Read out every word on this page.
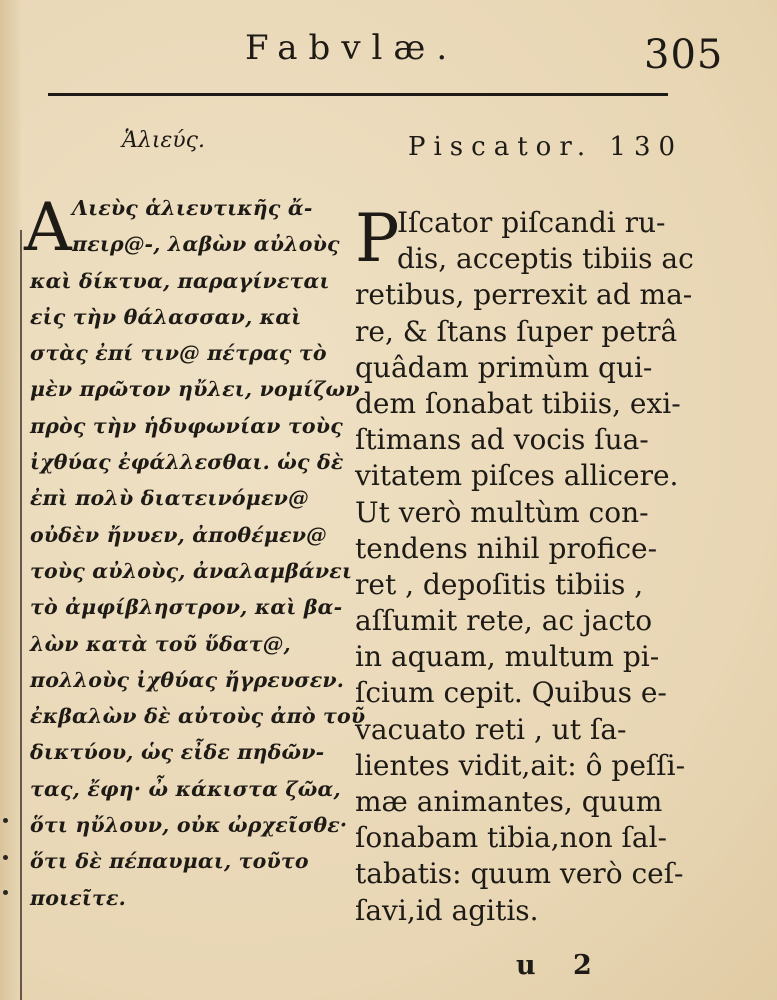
Fabvlæ.	305
Ἁλιεύς.
Α Λιεὺς ἁλιευτικῆς ἄ-
πειρ@-, λαβὼν αὐλοὺς
καὶ δίκτυα, παραγίνεται
εἰς τὴν θάλασσαν, καὶ
στὰς ἐπί τιν@ πέτρας τὸ
μὲν πρῶτον ηὔλει, νομίζων
πρὸς τὴν ἡδυφωνίαν τοὺς
ἰχθύας ἐφάλλεσθαι. ὡς δὲ
ἐπὶ πολὺ διατεινόμεν@
οὐδὲν ἤνυεν, ἀποθέμεν@
τοὺς αὐλοὺς, ἀναλαμβάνει
τὸ ἀμφίβληστρον, καὶ βα-
λὼν κατὰ τοῦ ὕδατ@,
πολλοὺς ἰχθύας ἤγρευσεν.
ἐκβαλὼν δὲ αὐτοὺς ἀπὸ τοῦ
δικτύου, ὡς εἶδε πηδῶν-
τας, ἔφη· ὦ κάκιστα ζῶα,
ὅτι ηὔλουν, οὐκ ὠρχεῖσθε·
ὅτι δὲ πέπαυμαι, τοῦτο
ποιεῖτε.
Piscator. 130
P
Iſcator piſcandi ru-
dis, acceptis tibiis ac
retibus, perrexit ad ma-
re, & ſtans ſuper petrâ
quâdam primùm qui-
dem ſonabat tibiis, exi-
ſtimans ad vocis ſua-
vitatem piſces allicere.
Ut verò multùm con-
tendens nihil profice-
ret , depoſitis tibiis ,
aſſumit rete, ac jacto
in aquam, multum pi-
ſcium cepit. Quibus e-
vacuato reti , ut ſa-
lientes vidit,ait: ô peſſi-
mæ animantes, quum
ſonabam tibia,non ſal-
tabatis: quum verò ceſ-
ſavi,id agitis.
u 2
